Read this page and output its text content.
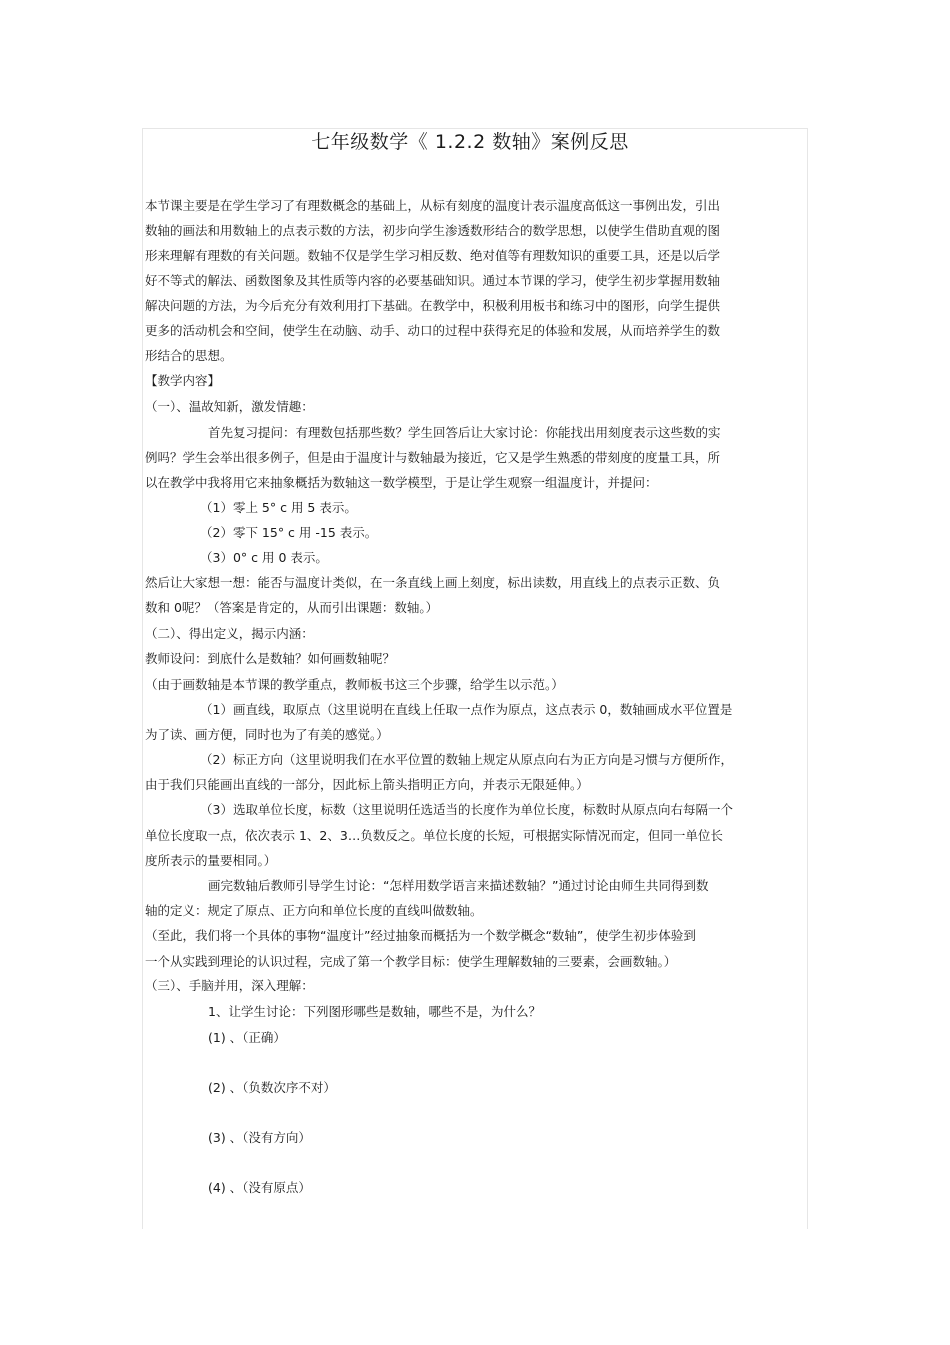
七年级数学《 1.2.2 数轴》案例反思
本节课主要是在学生学习了有理数概念的基础上，从标有刻度的温度计表示温度高低这一事例出发，引出
数轴的画法和用数轴上的点表示数的方法，初步向学生渗透数形结合的数学思想，以使学生借助直观的图
形来理解有理数的有关问题。数轴不仅是学生学习相反数、绝对值等有理数知识的重要工具，还是以后学
好不等式的解法、函数图象及其性质等内容的必要基础知识。通过本节课的学习，使学生初步掌握用数轴
解决问题的方法，为今后充分有效利用打下基础。在教学中，积极利用板书和练习中的图形，向学生提供
更多的活动机会和空间，使学生在动脑、动手、动口的过程中获得充足的体验和发展，从而培养学生的数
形结合的思想。
【教学内容】
（一）、温故知新，激发情趣：
首先复习提问：有理数包括那些数？学生回答后让大家讨论：你能找出用刻度表示这些数的实
例吗？学生会举出很多例子，但是由于温度计与数轴最为接近，它又是学生熟悉的带刻度的度量工具，所
以在教学中我将用它来抽象概括为数轴这一数学模型，于是让学生观察一组温度计，并提问：
（1）零上 5° c 用 5 表示。
（2）零下 15° c 用 -15 表示。
（3）0° c 用 0 表示。
然后让大家想一想：能否与温度计类似，在一条直线上画上刻度，标出读数，用直线上的点表示正数、负
数和 0呢？（答案是肯定的，从而引出课题：数轴。）
（二）、得出定义，揭示内涵：
教师设问：到底什么是数轴？如何画数轴呢？
（由于画数轴是本节课的教学重点，教师板书这三个步骤，给学生以示范。）
（1）画直线，取原点（这里说明在直线上任取一点作为原点，这点表示 0，数轴画成水平位置是
为了读、画方便，同时也为了有美的感觉。）
（2）标正方向（这里说明我们在水平位置的数轴上规定从原点向右为正方向是习惯与方便所作，
由于我们只能画出直线的一部分，因此标上箭头指明正方向，并表示无限延伸。）
（3）选取单位长度，标数（这里说明任选适当的长度作为单位长度，标数时从原点向右每隔一个
单位长度取一点，依次表示 1、2、3…负数反之。单位长度的长短，可根据实际情况而定，但同一单位长
度所表示的量要相同。）
画完数轴后教师引导学生讨论：“怎样用数学语言来描述数轴？”通过讨论由师生共同得到数
轴的定义：规定了原点、正方向和单位长度的直线叫做数轴。
（至此，我们将一个具体的事物“温度计”经过抽象而概括为一个数学概念“数轴”，使学生初步体验到
一个从实践到理论的认识过程，完成了第一个教学目标：使学生理解数轴的三要素，会画数轴。）
（三）、手脑并用，深入理解：
1、让学生讨论：下列图形哪些是数轴，哪些不是，为什么？
(1) 、（正确）
(2) 、（负数次序不对）
(3) 、（没有方向）
(4) 、（没有原点）
